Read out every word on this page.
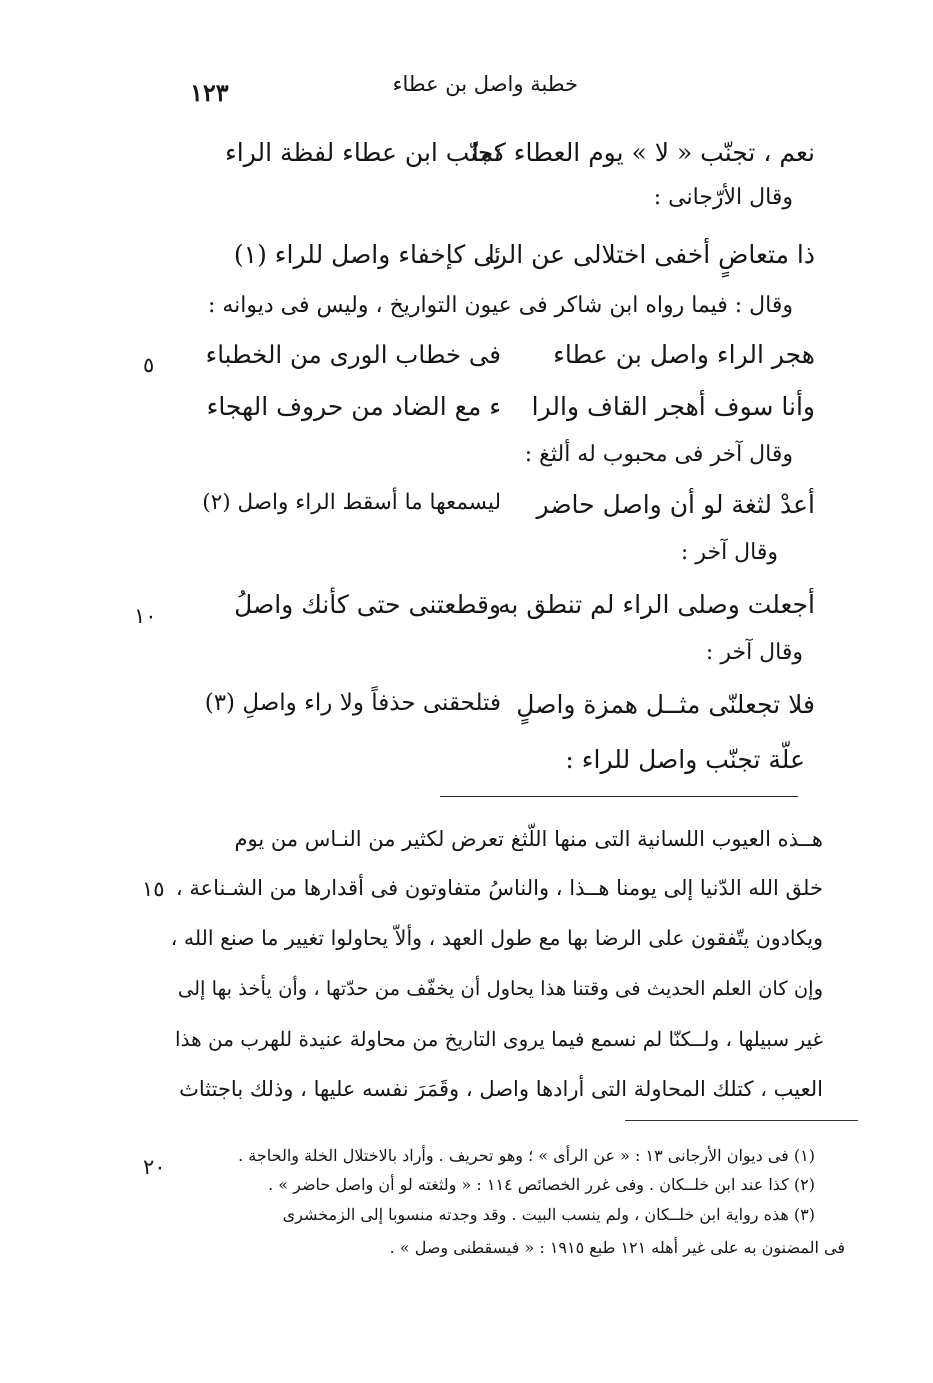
١٢٣	خطبة واصل بن عطاء
نعم ، تجنّب « لا » يوم العطاء كما
تجنّب ابن عطاء لفظة الراء
وقال الأرّجانى :
ذا متعاضٍ أخفى اختلالى عن الرا
ئى كإخفاء واصل للراء (١)
وقال : فيما رواه ابن شاكر فى عيون التواريخ ، وليس فى ديوانه :
هجر الراء واصل بن عطاء
فى خطاب الورى من الخطباء
وأنا سوف أهجر القاف والرا
ء مع الضاد من حروف الهجاء
وقال آخر فى محبوب له ألثغ :
أعدْ لثغة لو أن واصل حاضر
ليسمعها ما أسقط الراء واصل (٢)
وقال آخر :
أجعلت وصلى الراء لم تنطق به
وقطعتنى حتى كأنك واصلُ
وقال آخر :
فلا تجعلنّى مثــل همزة واصلٍ
فتلحقنى حذفاً ولا راء واصلِ (٣)
علّة تجنّب واصل للراء :
هــذه العيوب اللسانية التى منها اللّثغ تعرض لكثير من النـاس من يوم
خلق الله الدّنيا إلى يومنا هــذا ، والناسُ متفاوتون فى أقدارها من الشـناعة ،
ويكادون يتّفقون على الرضا بها مع طول العهد ، وألاّ يحاولوا تغيير ما صنع الله ،
وإن كان العلم الحديث فى وقتنا هذا يحاول أن يخفّف من حدّتها ، وأن يأخذ بها إلى
غير سبيلها ، ولــكنّا لم نسمع فيما يروى التاريخ من محاولة عنيدة للهرب من هذا
العيب ، كتلك المحاولة التى أرادها واصل ، وقَمَرَ نفسه عليها ، وذلك باجتثاث
(١) فى ديوان الأرجانى ١٣ : « عن الرأى » ؛ وهو تحريف . وأراد بالاختلال الخلة والحاجة .
(٢) كذا عند ابن خلــكان . وفى غرر الخصائص ١١٤ : « ولثغته لو أن واصل حاضر » .
(٣) هذه رواية ابن خلــكان ، ولم ينسب البيت . وقد وجدته منسوبا إلى الزمخشرى
فى المضنون به على غير أهله ١٢١ طبع ١٩١٥ : « فيسقطنى وصل » .
٥
١٠
١٥
٢٠
